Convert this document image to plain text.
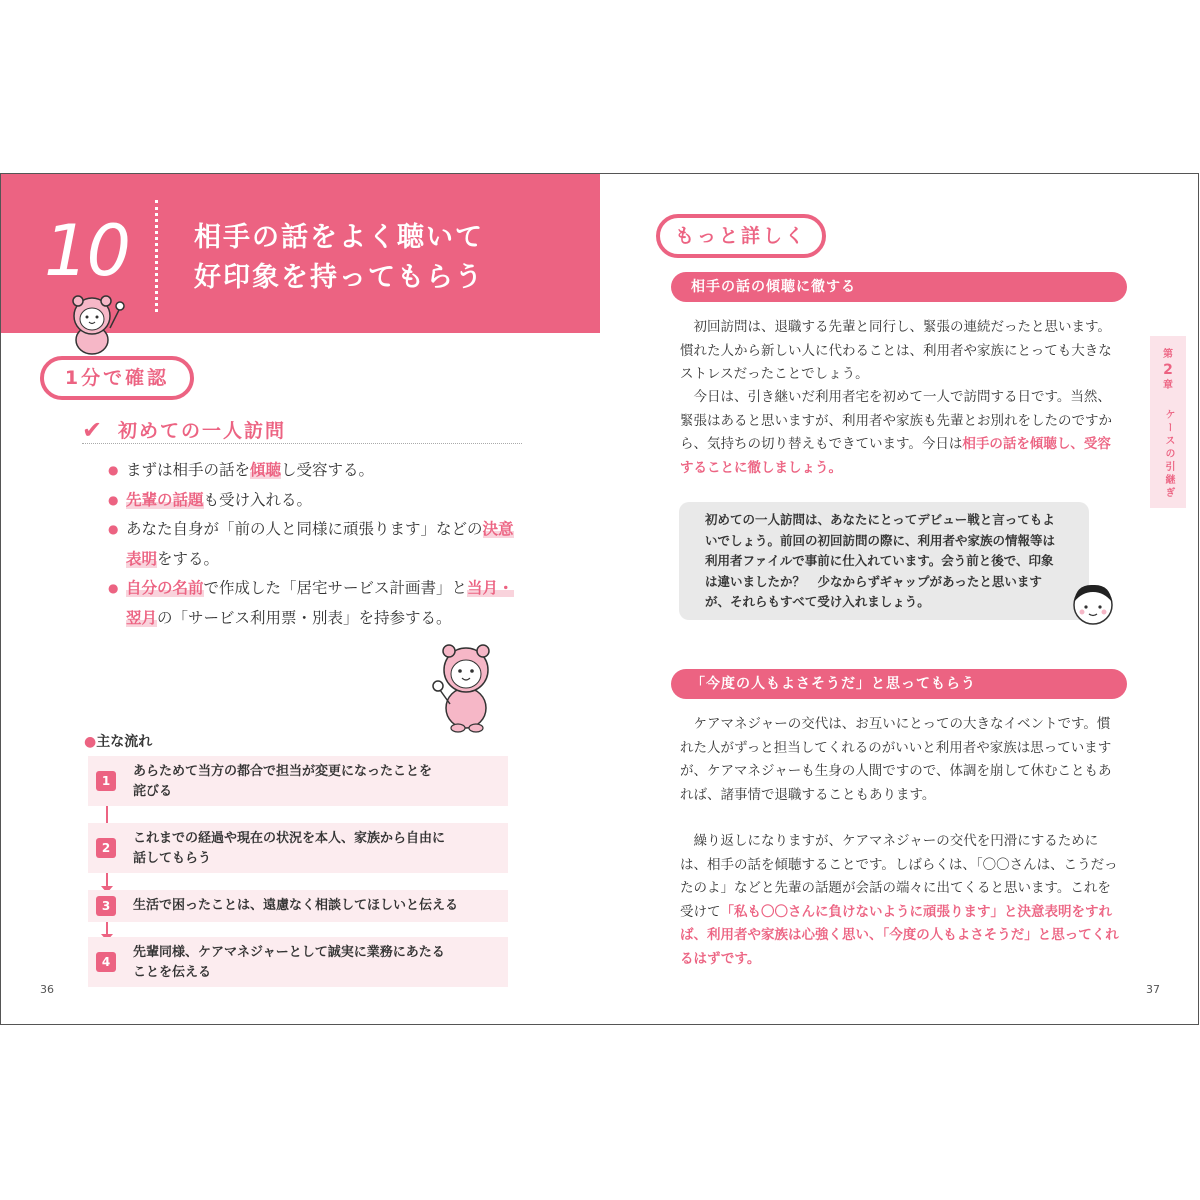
10 相手の話をよく聴いて
好印象を持ってもらう
1分で確認
✔ 初めての一人訪問
● まずは相手の話を傾聴し受容する。
● 先輩の話題も受け入れる。
● あなた自身が「前の人と同様に頑張ります」などの決意表明をする。
● 自分の名前で作成した「居宅サービス計画書」と当月・翌月の「サービス利用票・別表」を持参する。
●主な流れ
1
あらためて当方の都合で担当が変更になったことを
詫びる
2
これまでの経過や現在の状況を本人、家族から自由に
話してもらう
3	生活で困ったことは、遠慮なく相談してほしいと伝える
4
先輩同様、ケアマネジャーとして誠実に業務にあたる
ことを伝える
36
もっと詳しく
相手の話の傾聴に徹する
初回訪問は、退職する先輩と同行し、緊張の連続だったと思います。慣れた人から新しい人に代わることは、利用者や家族にとっても大きなストレスだったことでしょう。
今日は、引き継いだ利用者宅を初めて一人で訪問する日です。当然、緊張はあると思いますが、利用者や家族も先輩とお別れをしたのですから、気持ちの切り替えもできています。今日は相手の話を傾聴し、受容することに徹しましょう。
初めての一人訪問は、あなたにとってデビュー戦と言ってもよいでしょう。前回の初回訪問の際に、利用者や家族の情報等は利用者ファイルで事前に仕入れています。会う前と後で、印象は違いましたか？　少なからずギャップがあったと思いますが、それらもすべて受け入れましょう。
「今度の人もよさそうだ」と思ってもらう
ケアマネジャーの交代は、お互いにとっての大きなイベントです。慣れた人がずっと担当してくれるのがいいと利用者や家族は思っていますが、ケアマネジャーも生身の人間ですので、体調を崩して休むこともあれば、諸事情で退職することもあります。
繰り返しになりますが、ケアマネジャーの交代を円滑にするためには、相手の話を傾聴することです。しばらくは、「〇〇さんは、こうだったのよ」などと先輩の話題が会話の端々に出てくると思います。これを受けて「私も〇〇さんに負けないように頑張ります」と決意表明をすれば、利用者や家族は心強く思い、「今度の人もよさそうだ」と思ってくれるはずです。
第
2
章
ケースの引継ぎ
37
